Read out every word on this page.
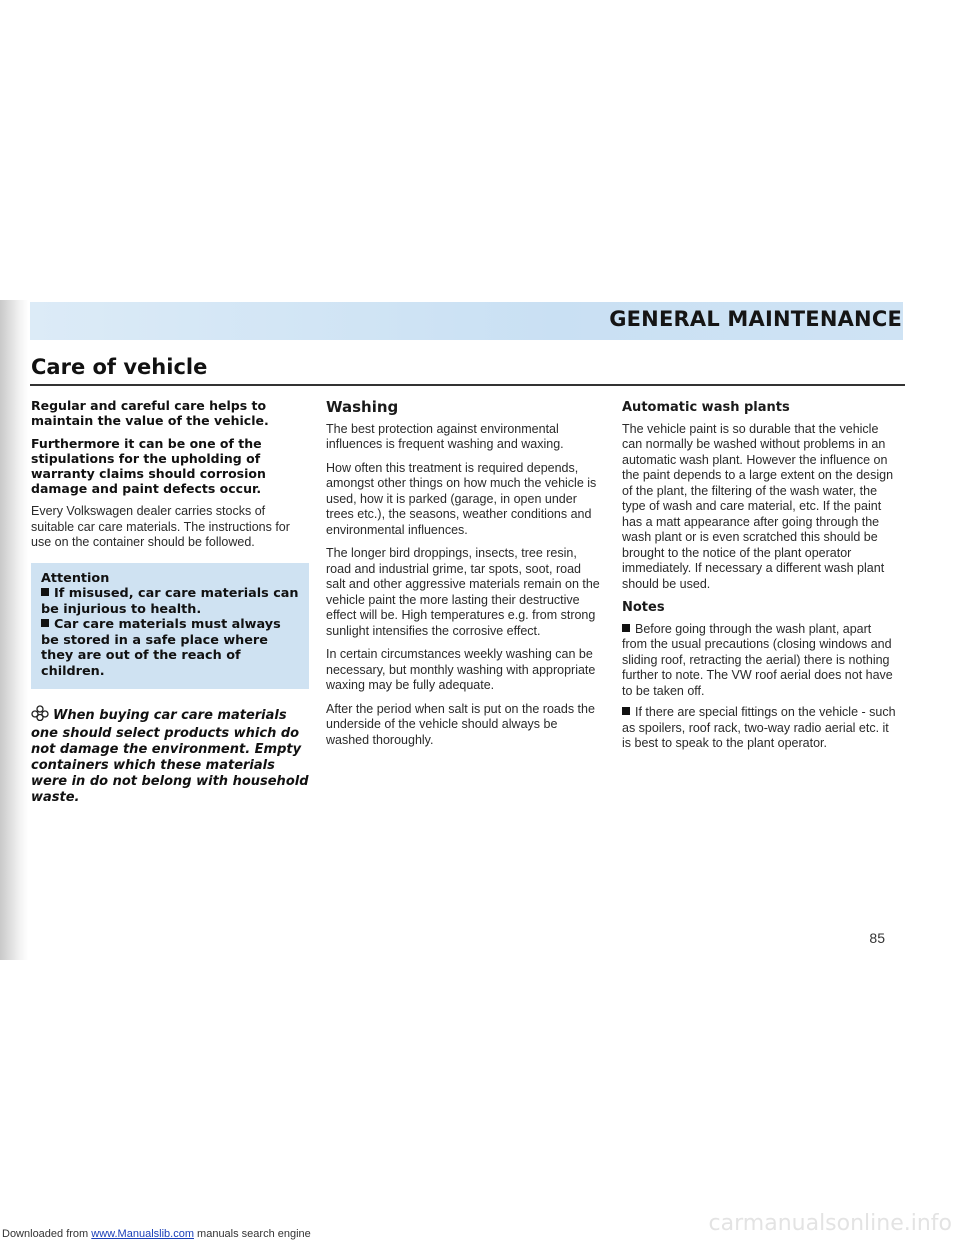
GENERAL MAINTENANCE
Care of vehicle

Regular and careful care helps to maintain the value of the vehicle.

Furthermore it can be one of the stipulations for the upholding of warranty claims should corrosion damage and paint defects occur.

Every Volkswagen dealer carries stocks of suitable car care materials. The instructions for use on the container should be followed.

Attention
If misused, car care materials can be injurious to health.
Car care materials must always be stored in a safe place where they are out of the reach of children.

When buying car care materials one should select products which do not damage the environment. Empty containers which these materials were in do not belong with household waste.

Washing

The best protection against environmental influences is frequent washing and waxing.

How often this treatment is required depends, amongst other things on how much the vehicle is used, how it is parked (garage, in open under trees etc.), the seasons, weather conditions and environmental influences.

The longer bird droppings, insects, tree resin, road and industrial grime, tar spots, soot, road salt and other aggressive materials remain on the vehicle paint the more lasting their destructive effect will be. High temperatures e.g. from strong sunlight intensifies the corrosive effect.

In certain circumstances weekly washing can be necessary, but monthly washing with appropriate waxing may be fully adequate.

After the period when salt is put on the roads the underside of the vehicle should always be washed thoroughly.

Automatic wash plants

The vehicle paint is so durable that the vehicle can normally be washed without problems in an automatic wash plant. However the influence on the paint depends to a large extent on the design of the plant, the filtering of the wash water, the type of wash and care material, etc. If the paint has a matt appearance after going through the wash plant or is even scratched this should be brought to the notice of the plant operator immediately. If necessary a different wash plant should be used.

Notes

Before going through the wash plant, apart from the usual precautions (closing windows and sliding roof, retracting the aerial) there is nothing further to note. The VW roof aerial does not have to be taken off.

If there are special fittings on the vehicle - such as spoilers, roof rack, two-way radio aerial etc. it is best to speak to the plant operator.

85
Downloaded from www.Manualslib.com manuals search engine	carmanualsonline.info
